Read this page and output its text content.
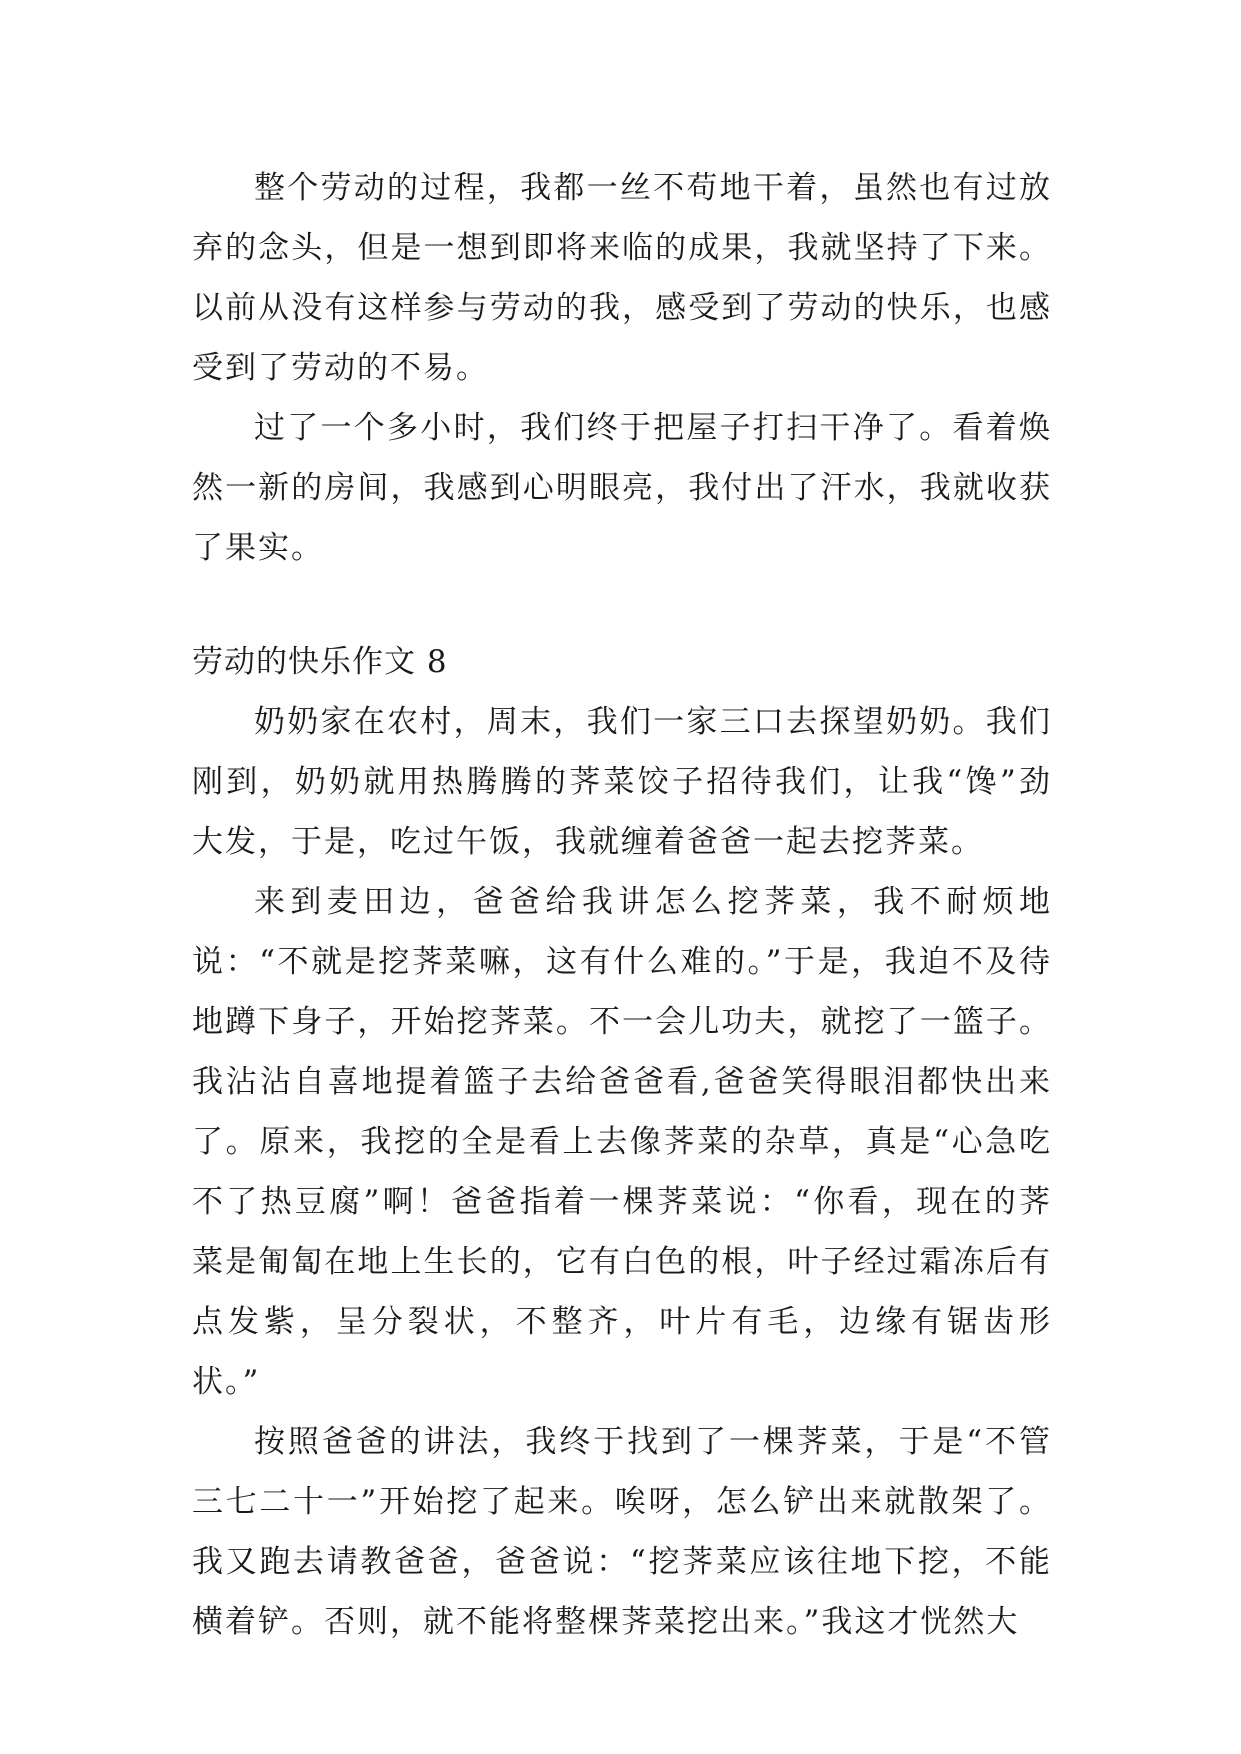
整个劳动的过程，我都一丝不苟地干着，虽然也有过放弃的念头，但是一想到即将来临的成果，我就坚持了下来。以前从没有这样参与劳动的我，感受到了劳动的快乐，也感受到了劳动的不易。

过了一个多小时，我们终于把屋子打扫干净了。看着焕然一新的房间，我感到心明眼亮，我付出了汗水，我就收获了果实。

劳动的快乐作文 8

奶奶家在农村，周末，我们一家三口去探望奶奶。我们刚到，奶奶就用热腾腾的荠菜饺子招待我们，让我“馋”劲大发，于是，吃过午饭，我就缠着爸爸一起去挖荠菜。

来到麦田边，爸爸给我讲怎么挖荠菜，我不耐烦地说：“不就是挖荠菜嘛，这有什么难的。”于是，我迫不及待地蹲下身子，开始挖荠菜。不一会儿功夫，就挖了一篮子。我沾沾自喜地提着篮子去给爸爸看,爸爸笑得眼泪都快出来了。原来，我挖的全是看上去像荠菜的杂草，真是“心急吃不了热豆腐”啊！爸爸指着一棵荠菜说：“你看，现在的荠菜是匍匐在地上生长的，它有白色的根，叶子经过霜冻后有点发紫，呈分裂状，不整齐，叶片有毛，边缘有锯齿形状。”

按照爸爸的讲法，我终于找到了一棵荠菜，于是“不管三七二十一”开始挖了起来。唉呀，怎么铲出来就散架了。我又跑去请教爸爸，爸爸说：“挖荠菜应该往地下挖，不能横着铲。否则，就不能将整棵荠菜挖出来。”我这才恍然大
